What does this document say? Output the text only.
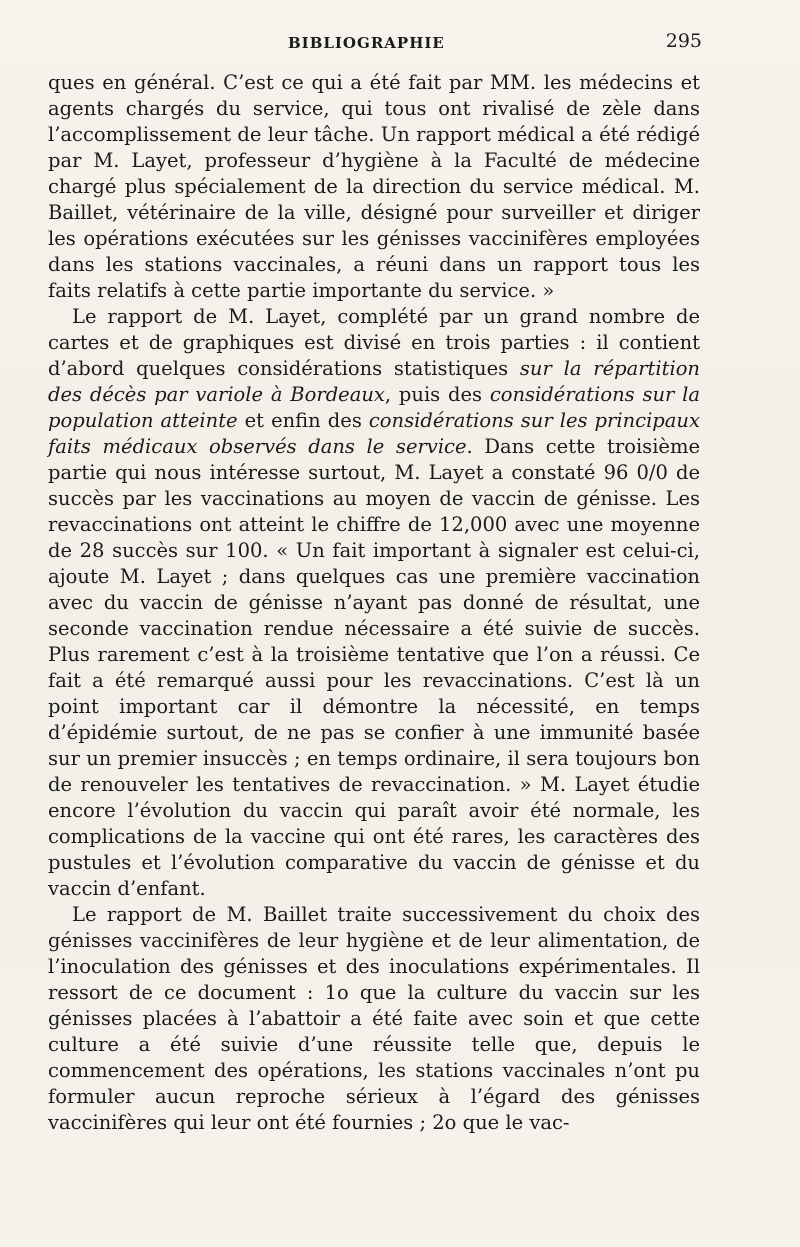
BIBLIOGRAPHIE	295

ques en général. C’est ce qui a été fait par MM. les médecins et agents chargés du service, qui tous ont rivalisé de zèle dans l’accomplissement de leur tâche. Un rapport médical a été rédigé par M. Layet, professeur d’hygiène à la Faculté de médecine chargé plus spécialement de la direction du service médical. M. Baillet, vétérinaire de la ville, désigné pour surveiller et diriger les opérations exécutées sur les génisses vaccinifères employées dans les stations vaccinales, a réuni dans un rapport tous les faits relatifs à cette partie importante du service. »

Le rapport de M. Layet, complété par un grand nombre de cartes et de graphiques est divisé en trois parties : il contient d’abord quelques considérations statistiques sur la répartition des décès par variole à Bordeaux, puis des considérations sur la population atteinte et enfin des considérations sur les principaux faits médicaux observés dans le service. Dans cette troisième partie qui nous intéresse surtout, M. Layet a constaté 96 0/0 de succès par les vaccinations au moyen de vaccin de génisse. Les revaccinations ont atteint le chiffre de 12,000 avec une moyenne de 28 succès sur 100. « Un fait important à signaler est celui-ci, ajoute M. Layet ; dans quelques cas une première vaccination avec du vaccin de génisse n’ayant pas donné de résultat, une seconde vaccination rendue nécessaire a été suivie de succès. Plus rarement c’est à la troisième tentative que l’on a réussi. Ce fait a été remarqué aussi pour les revaccinations. C’est là un point important car il démontre la nécessité, en temps d’épidémie surtout, de ne pas se confier à une immunité basée sur un premier insuccès ; en temps ordinaire, il sera toujours bon de renouveler les tentatives de revaccination. » M. Layet étudie encore l’évolution du vaccin qui paraît avoir été normale, les complications de la vaccine qui ont été rares, les caractères des pustules et l’évolution comparative du vaccin de génisse et du vaccin d’enfant.

Le rapport de M. Baillet traite successivement du choix des génisses vaccinifères de leur hygiène et de leur alimentation, de l’inoculation des génisses et des inoculations expérimentales. Il ressort de ce document : 1o que la culture du vaccin sur les génisses placées à l’abattoir a été faite avec soin et que cette culture a été suivie d’une réussite telle que, depuis le commencement des opérations, les stations vaccinales n’ont pu formuler aucun reproche sérieux à l’égard des génisses vaccinifères qui leur ont été fournies ; 2o que le vac-
